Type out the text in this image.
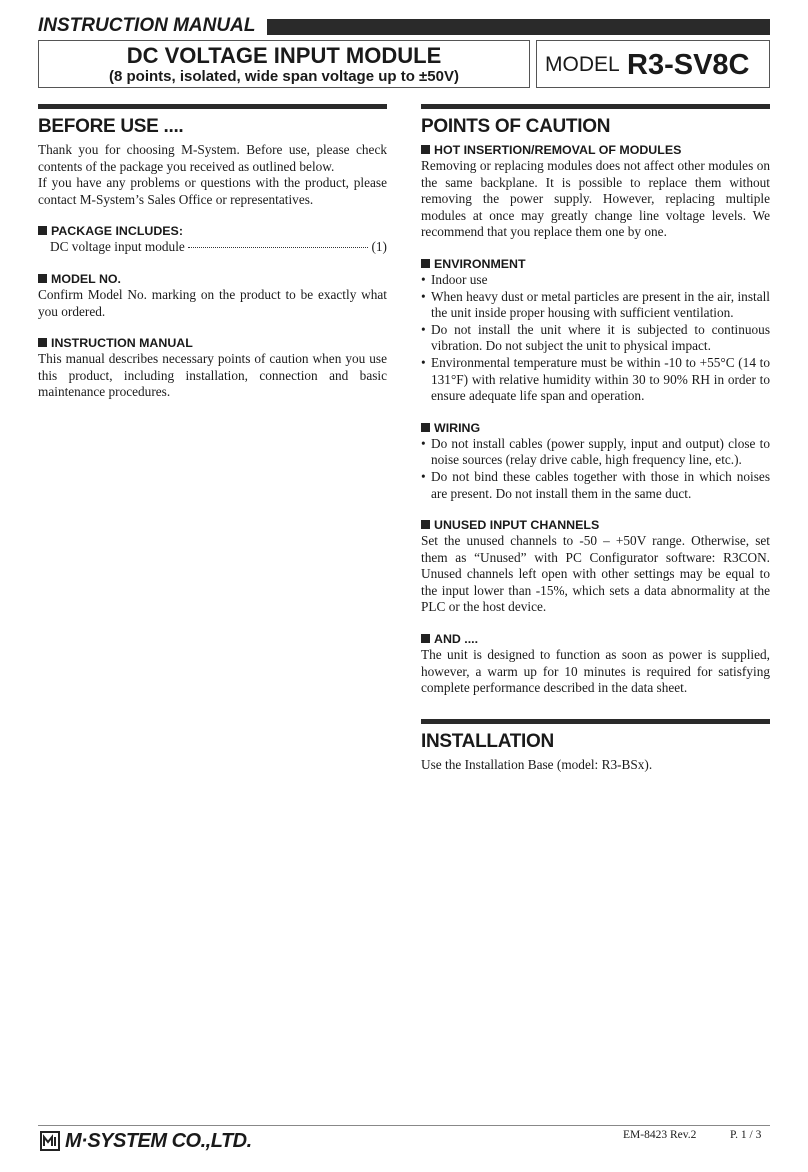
INSTRUCTION MANUAL
DC VOLTAGE INPUT MODULE
(8 points, isolated, wide span voltage up to ±50V)
MODEL R3-SV8C
BEFORE USE ....

Thank you for choosing M-System. Before use, please check contents of the package you received as outlined below.

If you have any problems or questions with the product, please contact M-System’s Sales Office or representatives.

PACKAGE INCLUDES:
DC voltage input module	(1)
MODEL NO.

Confirm Model No. marking on the product to be exactly what you ordered.

INSTRUCTION MANUAL

This manual describes necessary points of caution when you use this product, including installation, connection and basic maintenance procedures.

POINTS OF CAUTION
HOT INSERTION/REMOVAL OF MODULES

Removing or replacing modules does not affect other modules on the same backplane. It is possible to replace them without removing the power supply. However, replacing multiple modules at once may greatly change line voltage levels. We recommend that you replace them one by one.

ENVIRONMENT
• Indoor use
• When heavy dust or metal particles are present in the air, install the unit inside proper housing with sufficient ventilation.
• Do not install the unit where it is subjected to continuous vibration. Do not subject the unit to physical impact.
• Environmental temperature must be within -10 to +55°C (14 to 131°F) with relative humidity within 30 to 90% RH in order to ensure adequate life span and operation.
WIRING
• Do not install cables (power supply, input and output) close to noise sources (relay drive cable, high frequency line, etc.).
• Do not bind these cables together with those in which noises are present. Do not install them in the same duct.
UNUSED INPUT CHANNELS

Set the unused channels to -50 – +50V range. Otherwise, set them as “Unused” with PC Configurator software: R3CON. Unused channels left open with other settings may be equal to the input lower than -15%, which sets a data abnormality at the PLC or the host device.

AND ....

The unit is designed to function as soon as power is supplied, however, a warm up for 10 minutes is required for satisfying complete performance described in the data sheet.

INSTALLATION

Use the Installation Base (model: R3-BSx).

M·SYSTEM CO.,LTD.	EM-8423 Rev.2	P. 1 / 3
